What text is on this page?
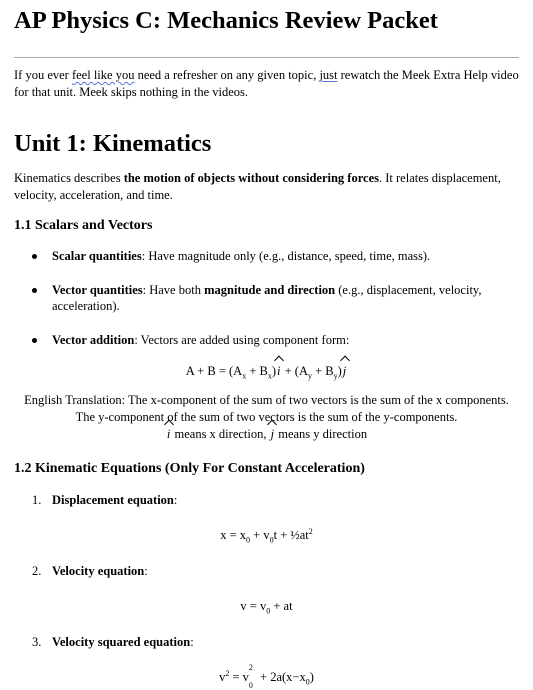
AP Physics C: Mechanics Review Packet

If you ever feel like you need a refresher on any given topic, just rewatch the Meek Extra Help video for that unit. Meek skips nothing in the videos.

Unit 1: Kinematics

Kinematics describes the motion of objects without considering forces. It relates displacement, velocity, acceleration, and time.

1.1 Scalars and Vectors
Scalar quantities: Have magnitude only (e.g., distance, speed, time, mass).
Vector quantities: Have both magnitude and direction (e.g., displacement, velocity, acceleration).
Vector addition: Vectors are added using component form:

$A + B = (A_x + B_x)i + (A_y + B_y)j$

English Translation: The x-component of the sum of two vectors is the sum of the x components. The y-component of the sum of two vectors is the sum of the y-components.
i means x direction, j means y direction

1.2 Kinematic Equations (Only For Constant Acceleration)
1. Displacement equation:
$x = x_0 + v_0t$ + $\frac{1}{2}at^2$
2. Velocity equation:
$v = v_0$ + at
3. Velocity squared equation:
$v^2 = v^2_0 + 2a(x-x_0)$
